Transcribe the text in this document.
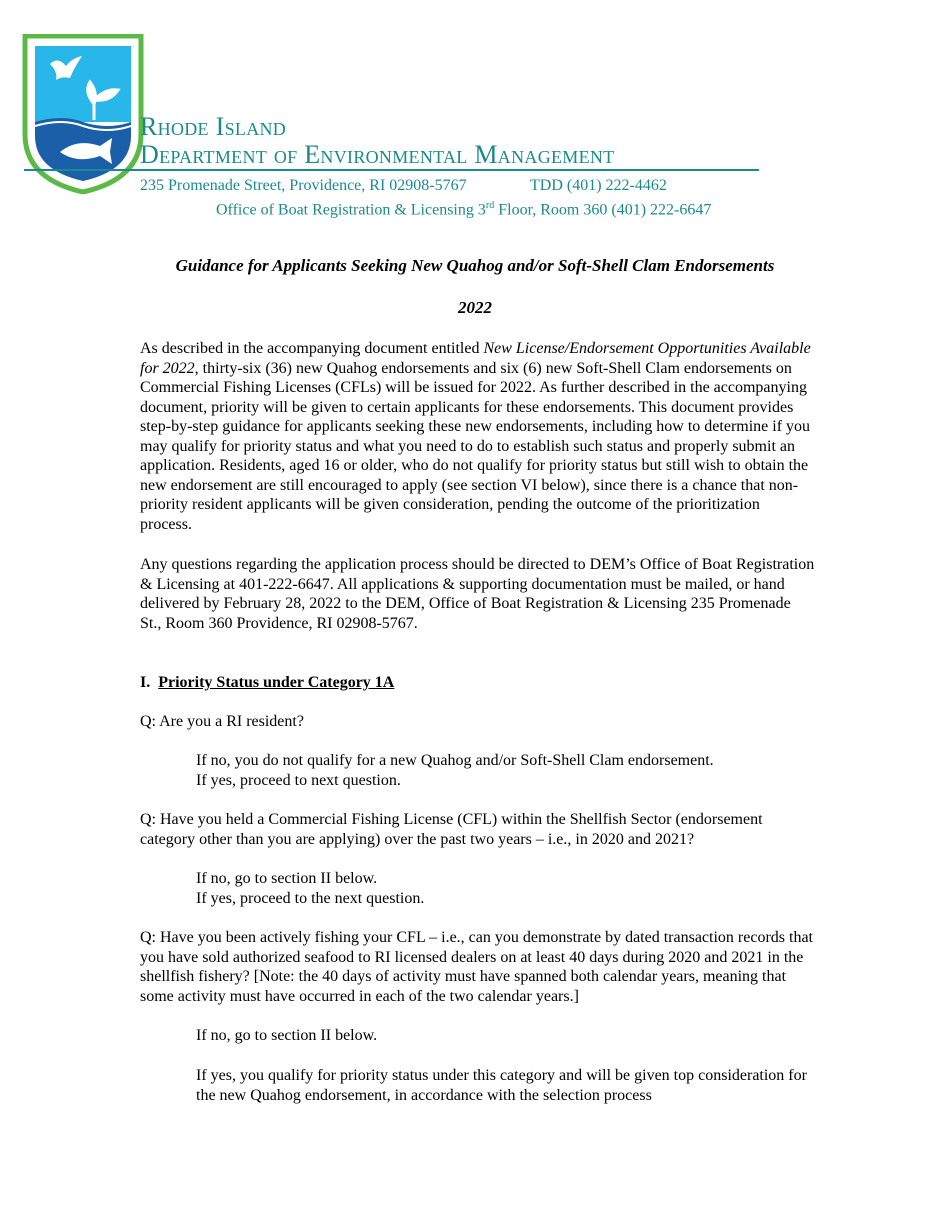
Rhode Island
Department of Environmental Management
235 Promenade Street, Providence, RI 02908-5767	TDD (401) 222-4462
Office of Boat Registration & Licensing 3rd Floor, Room 360 (401) 222-6647
Guidance for Applicants Seeking New Quahog and/or Soft-Shell Clam Endorsements
2022
As described in the accompanying document entitled New License/Endorsement Opportunities Available for 2022, thirty-six (36) new Quahog endorsements and six (6) new Soft-Shell Clam endorsements on Commercial Fishing Licenses (CFLs) will be issued for 2022. As further described in the accompanying document, priority will be given to certain applicants for these endorsements. This document provides step-by-step guidance for applicants seeking these new endorsements, including how to determine if you may qualify for priority status and what you need to do to establish such status and properly submit an application. Residents, aged 16 or older, who do not qualify for priority status but still wish to obtain the new endorsement are still encouraged to apply (see section VI below), since there is a chance that non-priority resident applicants will be given consideration, pending the outcome of the prioritization process.
Any questions regarding the application process should be directed to DEM’s Office of Boat Registration & Licensing at 401-222-6647. All applications & supporting documentation must be mailed, or hand delivered by February 28, 2022 to the DEM, Office of Boat Registration & Licensing 235 Promenade St., Room 360 Providence, RI 02908-5767.
I. Priority Status under Category 1A
Q: Are you a RI resident?
If no, you do not qualify for a new Quahog and/or Soft-Shell Clam endorsement.
If yes, proceed to next question.
Q: Have you held a Commercial Fishing License (CFL) within the Shellfish Sector (endorsement category other than you are applying) over the past two years – i.e., in 2020 and 2021?
If no, go to section II below.
If yes, proceed to the next question.
Q: Have you been actively fishing your CFL – i.e., can you demonstrate by dated transaction records that you have sold authorized seafood to RI licensed dealers on at least 40 days during 2020 and 2021 in the shellfish fishery? [Note: the 40 days of activity must have spanned both calendar years, meaning that some activity must have occurred in each of the two calendar years.]
If no, go to section II below.
If yes, you qualify for priority status under this category and will be given top consideration for the new Quahog endorsement, in accordance with the selection process
